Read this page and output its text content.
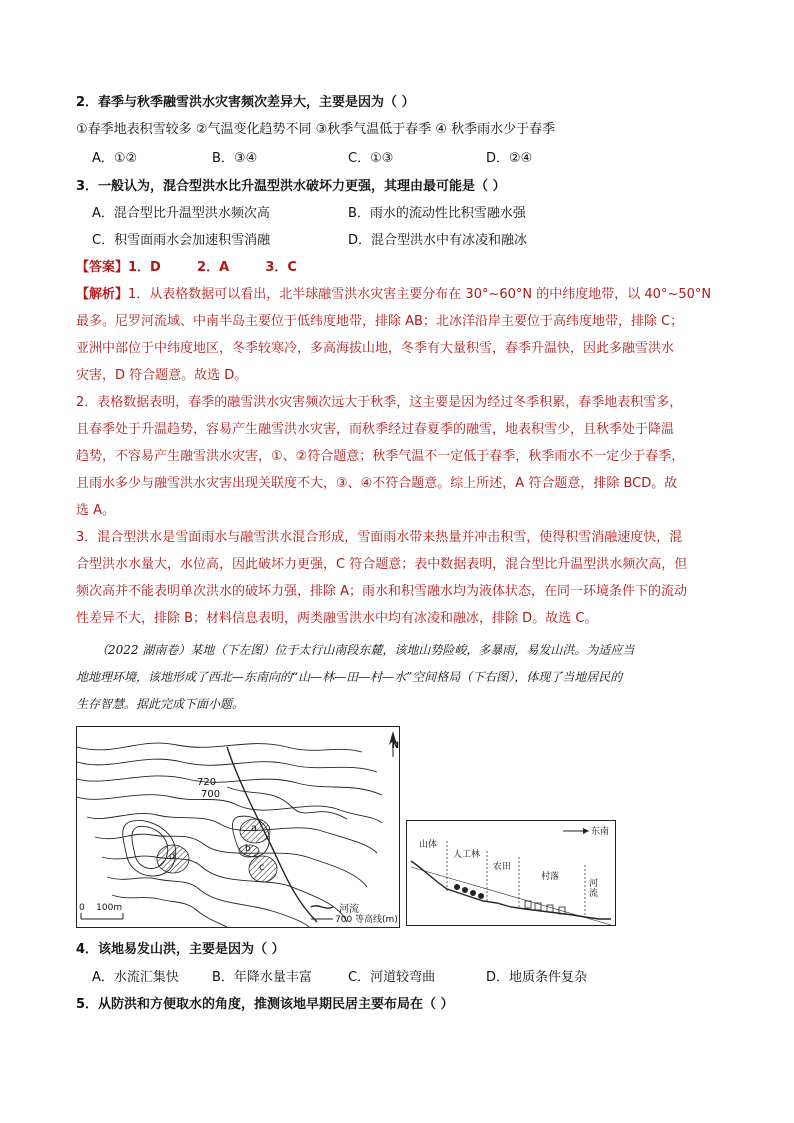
2．春季与秋季融雪洪水灾害频次差异大，主要是因为（ ）
①春季地表积雪较多 ②气温变化趋势不同 ③秋季气温低于春季 ④ 秋季雨水少于春季
A．①②	B．③④	C．①③	D．②④
3．一般认为，混合型洪水比升温型洪水破坏力更强，其理由最可能是（ ）
A．混合型比升温型洪水频次高	B．雨水的流动性比积雪融水强
C．积雪面雨水会加速积雪消融	D．混合型洪水中有冰凌和融冰
【答案】1．D        2．A        3．C
【解析】1．从表格数据可以看出，北半球融雪洪水灾害主要分布在 30°~60°N 的中纬度地带，以 40°~50°N
最多。尼罗河流域、中南半岛主要位于低纬度地带，排除 AB；北冰洋沿岸主要位于高纬度地带，排除 C；
亚洲中部位于中纬度地区，冬季较寒冷，多高海拔山地，冬季有大量积雪，春季升温快，因此多融雪洪水
灾害，D 符合题意。故选 D。
2．表格数据表明，春季的融雪洪水灾害频次远大于秋季，这主要是因为经过冬季积累，春季地表积雪多，
且春季处于升温趋势，容易产生融雪洪水灾害，而秋季经过春夏季的融雪，地表积雪少，且秋季处于降温
趋势，不容易产生融雪洪水灾害，①、②符合题意；秋季气温不一定低于春季，秋季雨水不一定少于春季，
且雨水多少与融雪洪水灾害出现关联度不大，③、④不符合题意。综上所述，A 符合题意，排除 BCD。故
选 A。
3．混合型洪水是雪面雨水与融雪洪水混合形成，雪面雨水带来热量并冲击积雪，使得积雪消融速度快，混
合型洪水水量大，水位高，因此破坏力更强，C 符合题意；表中数据表明，混合型比升温型洪水频次高，但
频次高并不能表明单次洪水的破坏力强，排除 A；雨水和积雪融水均为液体状态，在同一环境条件下的流动
性差异不大，排除 B；材料信息表明，两类融雪洪水中均有冰凌和融冰，排除 D。故选 C。
（2022 湖南卷）某地（下左图）位于太行山南段东麓，该地山势险峻，多暴雨，易发山洪。为适应当
地地理环境，该地形成了西北—东南向的“山—林—田—村—水”空间格局（下右图），体现了当地居民的
生存智慧。据此完成下面小题。
N
720
700
a
b
c
d
0    100m	河流
700 等高线(m)
东南
山体
人工林
农田
村落
河流
4．该地易发山洪，主要是因为（ ）
A．水流汇集快	B．年降水量丰富	C．河道较弯曲	D．地质条件复杂
5．从防洪和方便取水的角度，推测该地早期民居主要布局在（ ）
